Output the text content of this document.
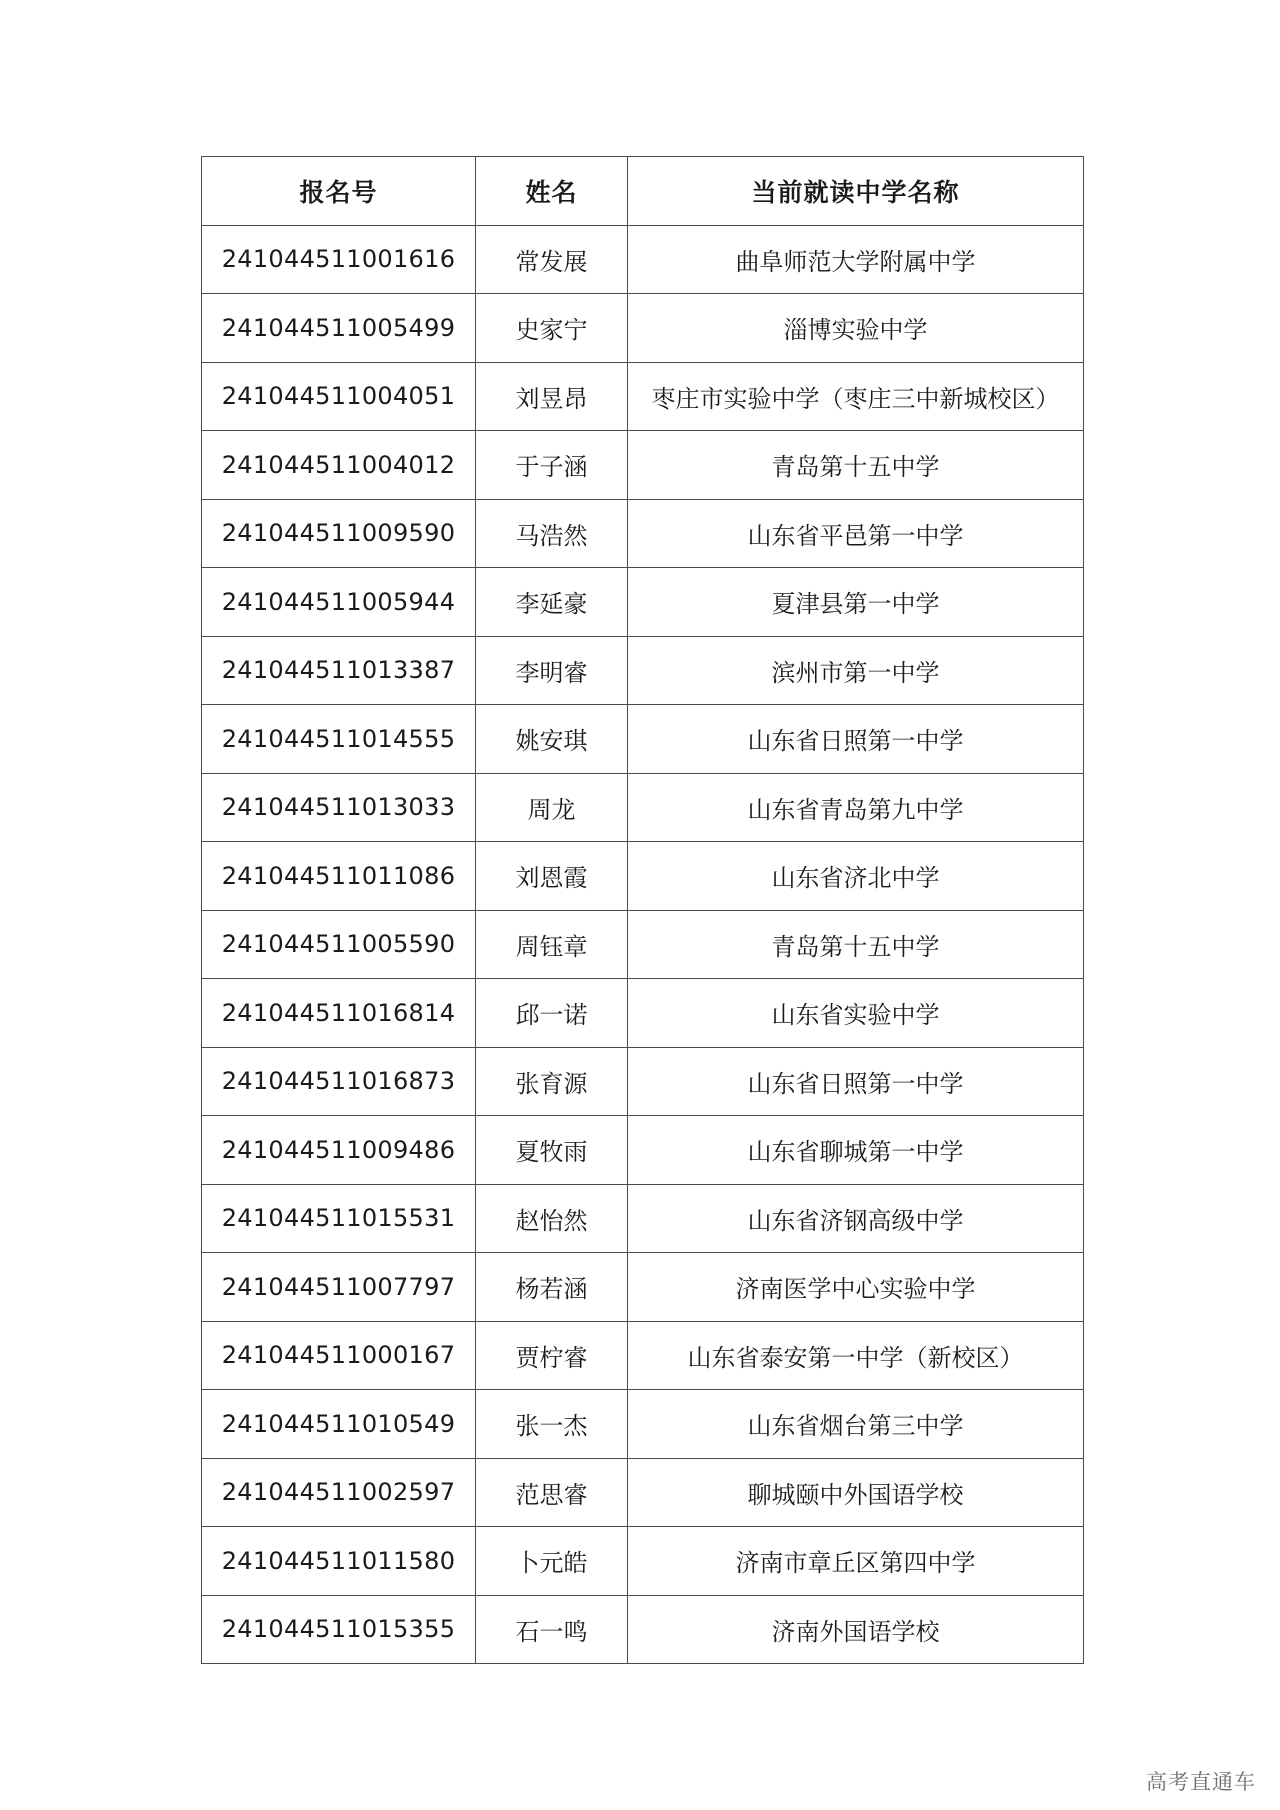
报名号	姓名	当前就读中学名称
241044511001616	常发展	曲阜师范大学附属中学
241044511005499	史家宁	淄博实验中学
241044511004051	刘昱昂	枣庄市实验中学（枣庄三中新城校区）
241044511004012	于子涵	青岛第十五中学
241044511009590	马浩然	山东省平邑第一中学
241044511005944	李延豪	夏津县第一中学
241044511013387	李明睿	滨州市第一中学
241044511014555	姚安琪	山东省日照第一中学
241044511013033	周龙	山东省青岛第九中学
241044511011086	刘恩霞	山东省济北中学
241044511005590	周钰章	青岛第十五中学
241044511016814	邱一诺	山东省实验中学
241044511016873	张育源	山东省日照第一中学
241044511009486	夏牧雨	山东省聊城第一中学
241044511015531	赵怡然	山东省济钢高级中学
241044511007797	杨若涵	济南医学中心实验中学
241044511000167	贾柠睿	山东省泰安第一中学（新校区）
241044511010549	张一杰	山东省烟台第三中学
241044511002597	范思睿	聊城颐中外国语学校
241044511011580	卜元皓	济南市章丘区第四中学
241044511015355	石一鸣	济南外国语学校
高考直通车
